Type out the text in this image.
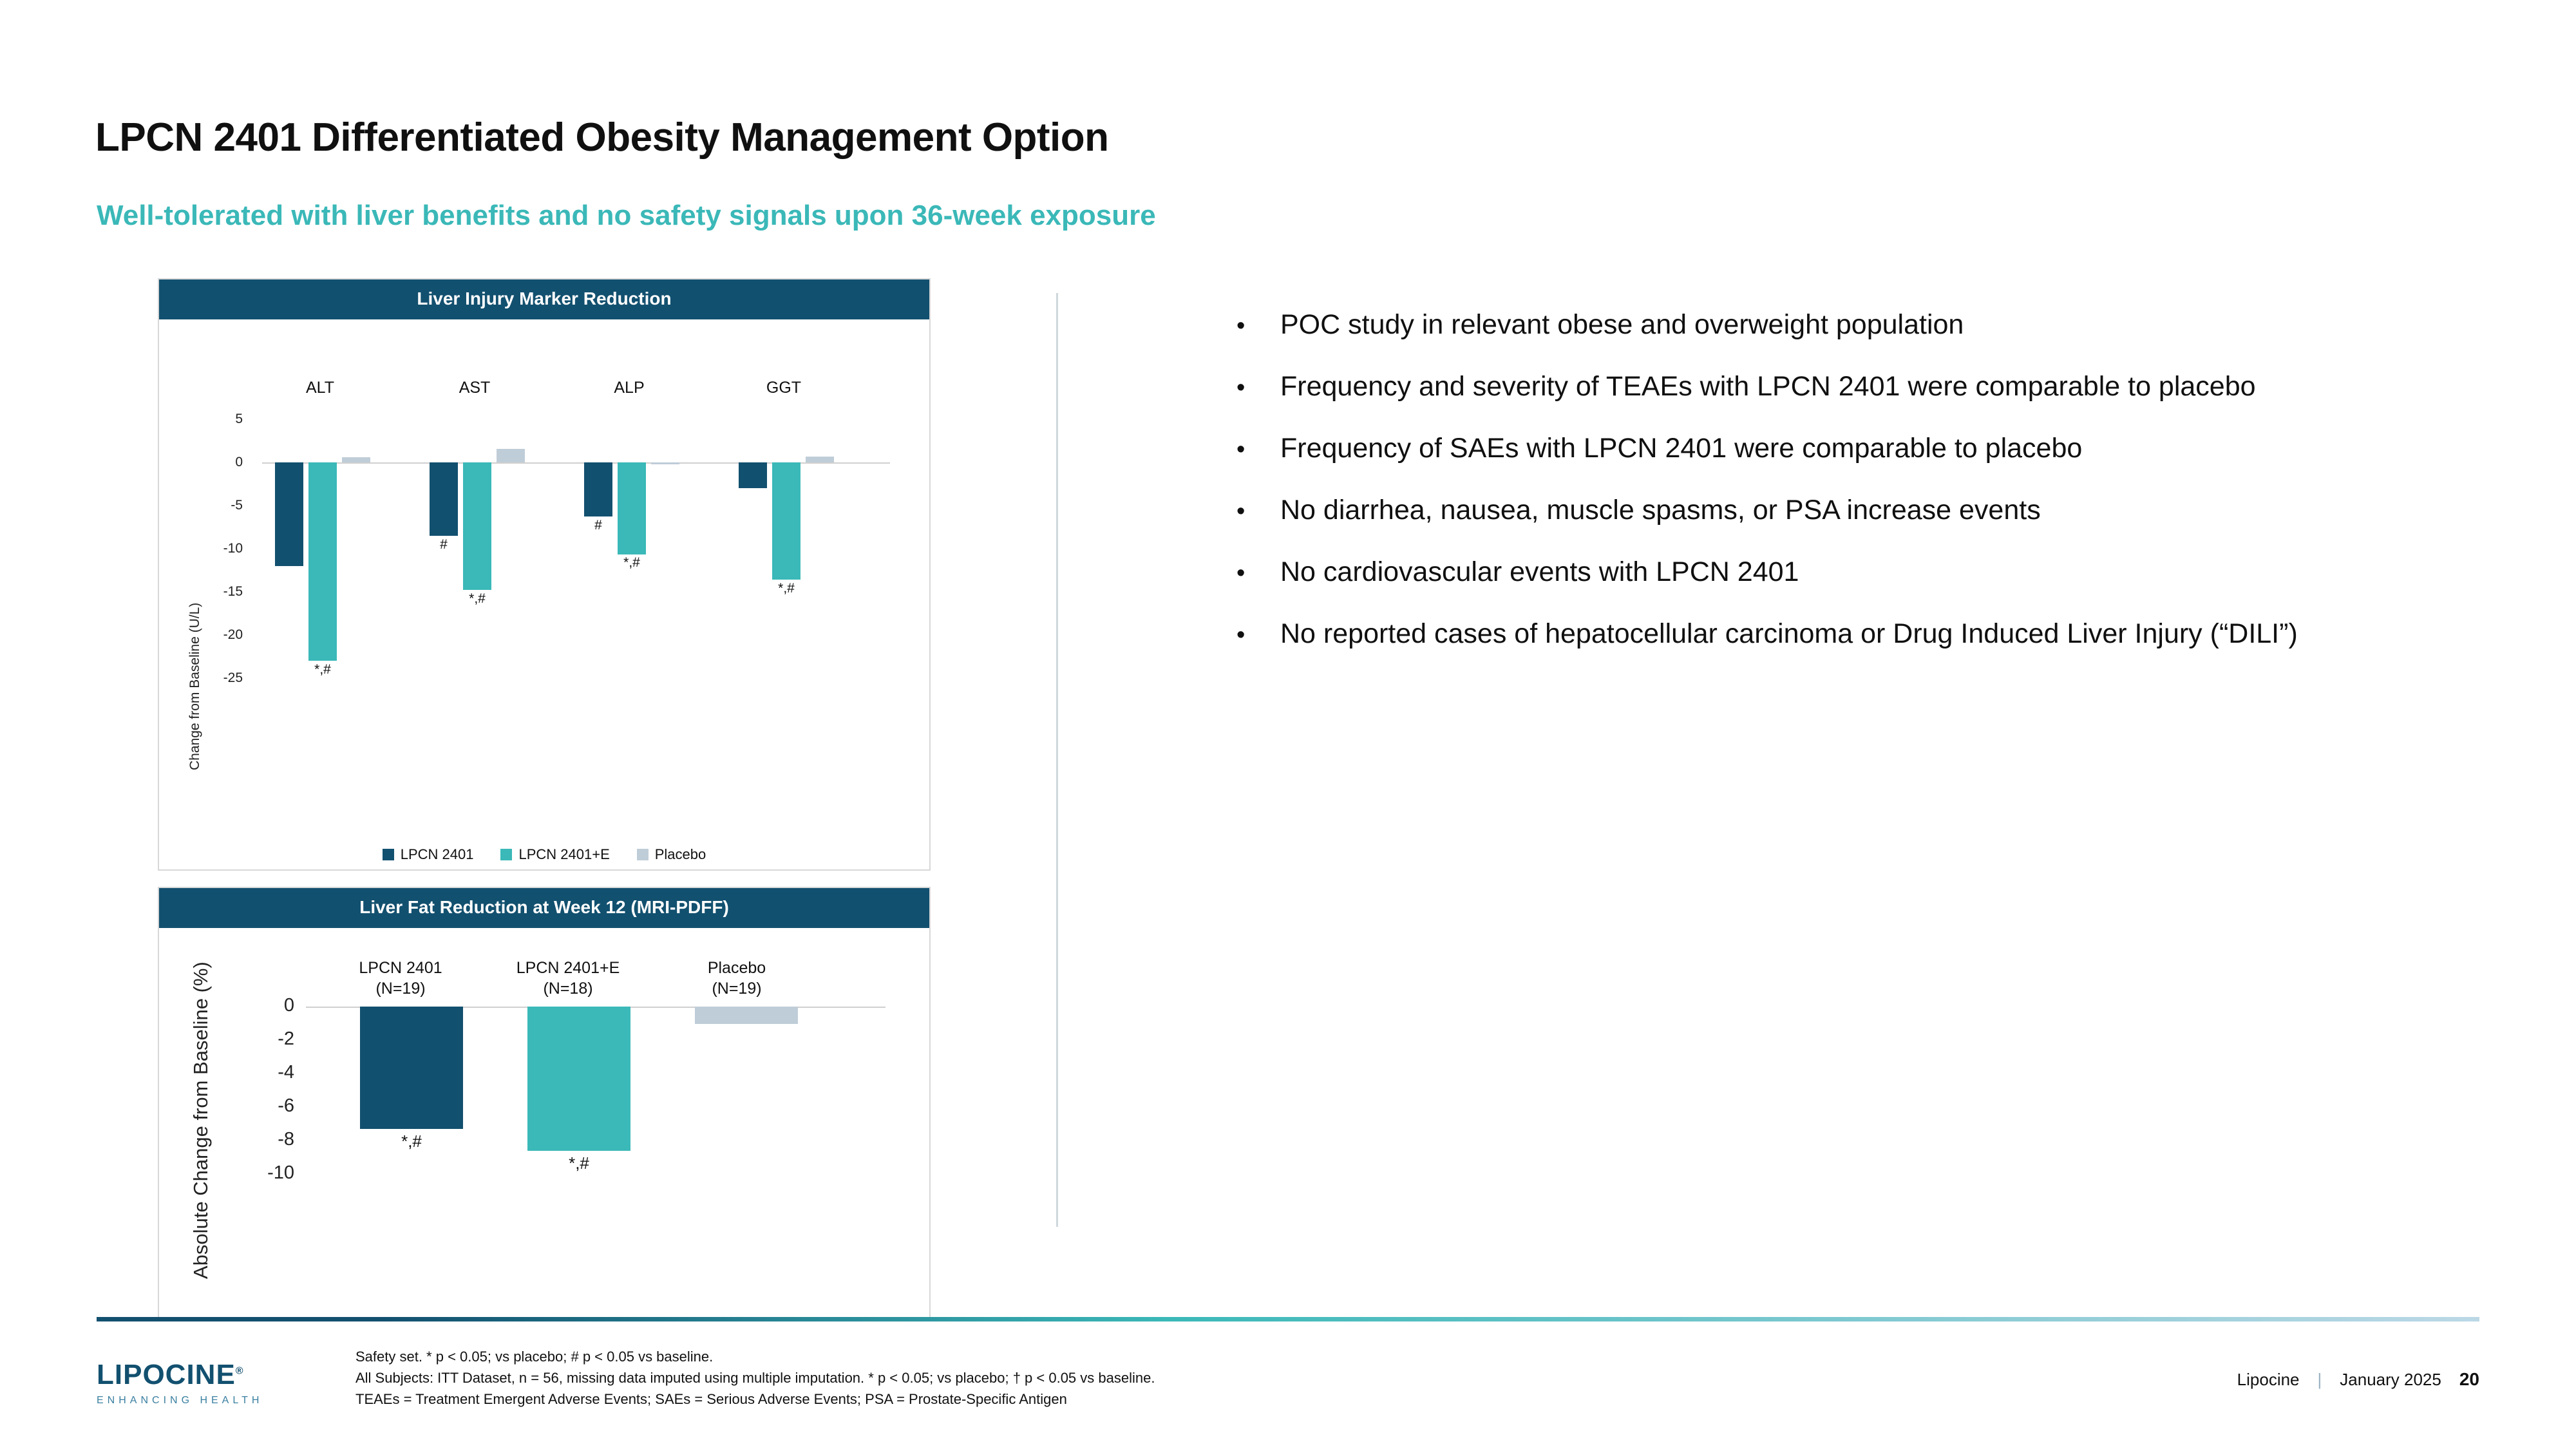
LPCN 2401 Differentiated Obesity Management Option
Well-tolerated with liver benefits and no safety signals upon 36-week exposure
Liver Injury Marker Reduction
Change from Baseline (U/L)
5
0
-5
-10
-15
-20
-25
ALT	AST	ALP	GGT
*,#
#
*,#
#
*,#
*,#
LPCN 2401	LPCN 2401+E	Placebo
Liver Fat Reduction at Week 12 (MRI-PDFF)
Absolute Change from Baseline (%)	0
-2
-4
-6
-8
-10
LPCN 2401
(N=19)
LPCN 2401+E
(N=18)
Placebo
(N=19)
*,#
*,#
• POC study in relevant obese and overweight population
• Frequency and severity of TEAEs with LPCN 2401 were comparable to placebo
• Frequency of SAEs with LPCN 2401 were comparable to placebo
• No diarrhea, nausea, muscle spasms, or PSA increase events
• No cardiovascular events with LPCN 2401
• No reported cases of hepatocellular carcinoma or Drug Induced Liver Injury (“DILI”)
LIPOCINE®
ENHANCING HEALTH
Safety set. * p < 0.05; vs placebo; # p < 0.05 vs baseline.
All Subjects: ITT Dataset, n = 56, missing data imputed using multiple imputation. * p < 0.05; vs placebo; † p < 0.05 vs baseline.
TEAEs = Treatment Emergent Adverse Events; SAEs = Serious Adverse Events; PSA = Prostate-Specific Antigen
Lipocine | January 2025 20
